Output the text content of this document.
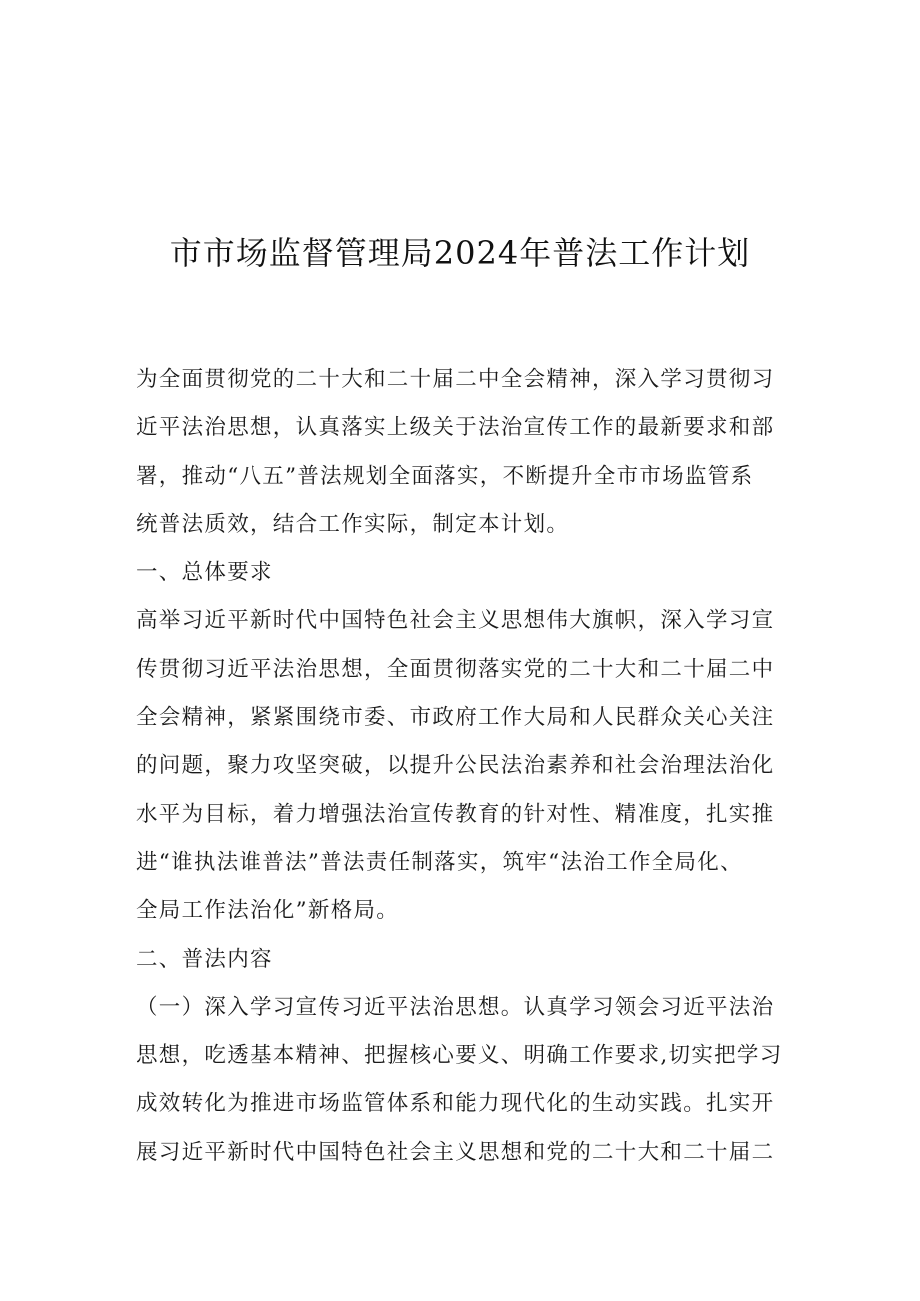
市市场监督管理局2024年普法工作计划
为全面贯彻党的二十大和二十届二中全会精神，深入学习贯彻习
近平法治思想，认真落实上级关于法治宣传工作的最新要求和部
署，推动“八五”普法规划全面落实，不断提升全市市场监管系
统普法质效，结合工作实际，制定本计划。
一、总体要求
高举习近平新时代中国特色社会主义思想伟大旗帜，深入学习宣
传贯彻习近平法治思想，全面贯彻落实党的二十大和二十届二中
全会精神，紧紧围绕市委、市政府工作大局和人民群众关心关注
的问题，聚力攻坚突破，以提升公民法治素养和社会治理法治化
水平为目标，着力增强法治宣传教育的针对性、精准度，扎实推
进“谁执法谁普法”普法责任制落实，筑牢“法治工作全局化、
全局工作法治化”新格局。
二、普法内容
（一）深入学习宣传习近平法治思想。认真学习领会习近平法治
思想，吃透基本精神、把握核心要义、明确工作要求,切实把学习
成效转化为推进市场监管体系和能力现代化的生动实践。扎实开
展习近平新时代中国特色社会主义思想和党的二十大和二十届二
